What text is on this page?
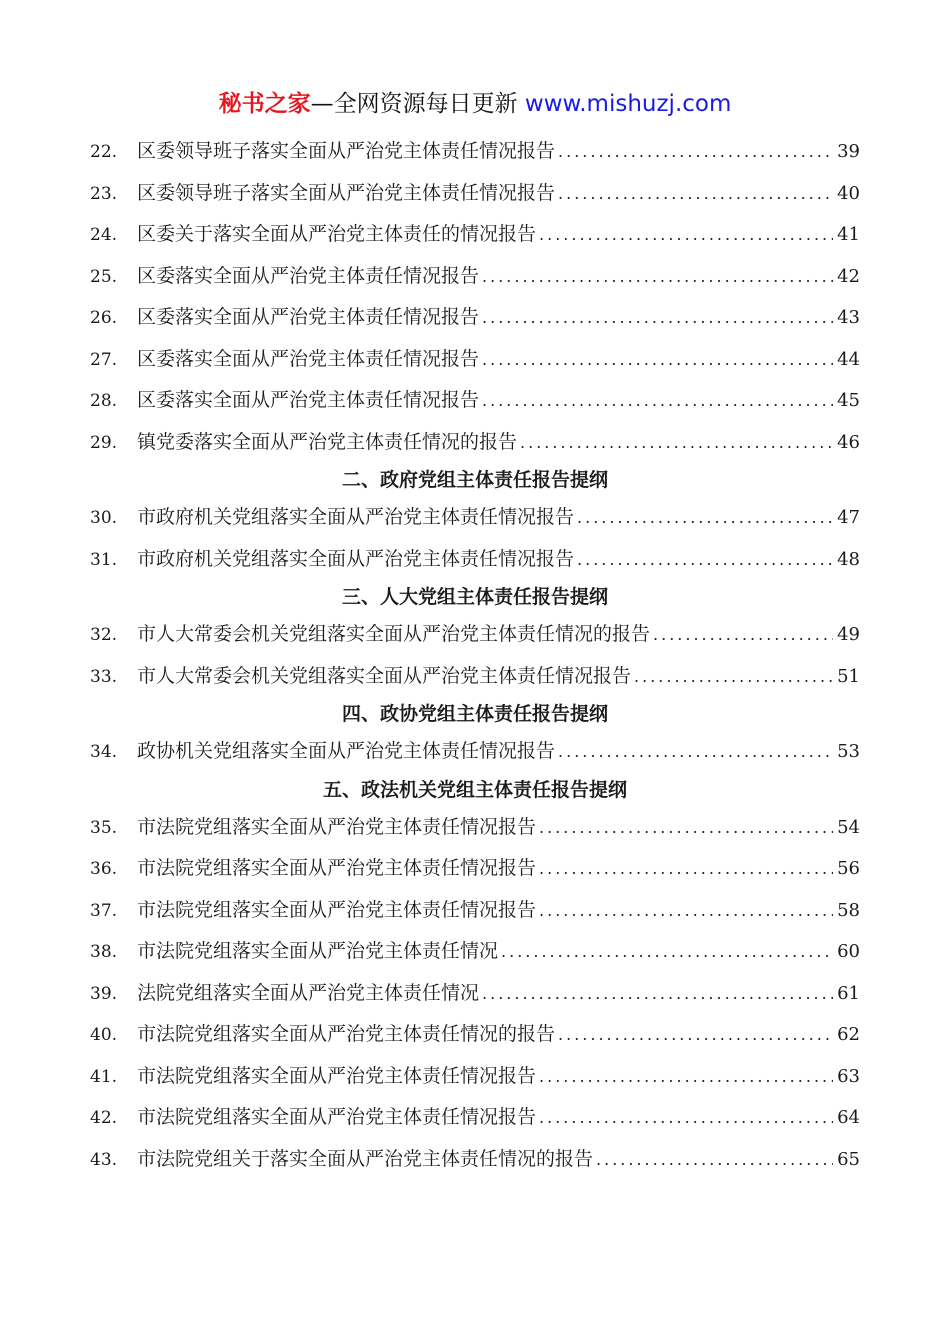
秘书之家—全网资源每日更新 www.mishuzj.com
22.	区委领导班子落实全面从严治党主体责任情况报告 .....	39
23.	区委领导班子落实全面从严治党主体责任情况报告 .....	40
24.	区委关于落实全面从严治党主体责任的情况报告 .....	41
25.	区委落实全面从严治党主体责任情况报告 .....	42
26.	区委落实全面从严治党主体责任情况报告 .....	43
27.	区委落实全面从严治党主体责任情况报告 .....	44
28.	区委落实全面从严治党主体责任情况报告 .....	45
29.	镇党委落实全面从严治党主体责任情况的报告 .....	46
二、政府党组主体责任报告提纲
30.	市政府机关党组落实全面从严治党主体责任情况报告 .....	47
31.	市政府机关党组落实全面从严治党主体责任情况报告 .....	48
三、人大党组主体责任报告提纲
32.	市人大常委会机关党组落实全面从严治党主体责任情况的报告 .....	49
33.	市人大常委会机关党组落实全面从严治党主体责任情况报告 .....	51
四、政协党组主体责任报告提纲
34.	政协机关党组落实全面从严治党主体责任情况报告 .....	53
五、政法机关党组主体责任报告提纲
35.	市法院党组落实全面从严治党主体责任情况报告 .....	54
36.	市法院党组落实全面从严治党主体责任情况报告 .....	56
37.	市法院党组落实全面从严治党主体责任情况报告 .....	58
38.	市法院党组落实全面从严治党主体责任情况 .....	60
39.	法院党组落实全面从严治党主体责任情况 .....	61
40.	市法院党组落实全面从严治党主体责任情况的报告 .....	62
41.	市法院党组落实全面从严治党主体责任情况报告 .....	63
42.	市法院党组落实全面从严治党主体责任情况报告 .....	64
43.	市法院党组关于落实全面从严治党主体责任情况的报告 .....	65
